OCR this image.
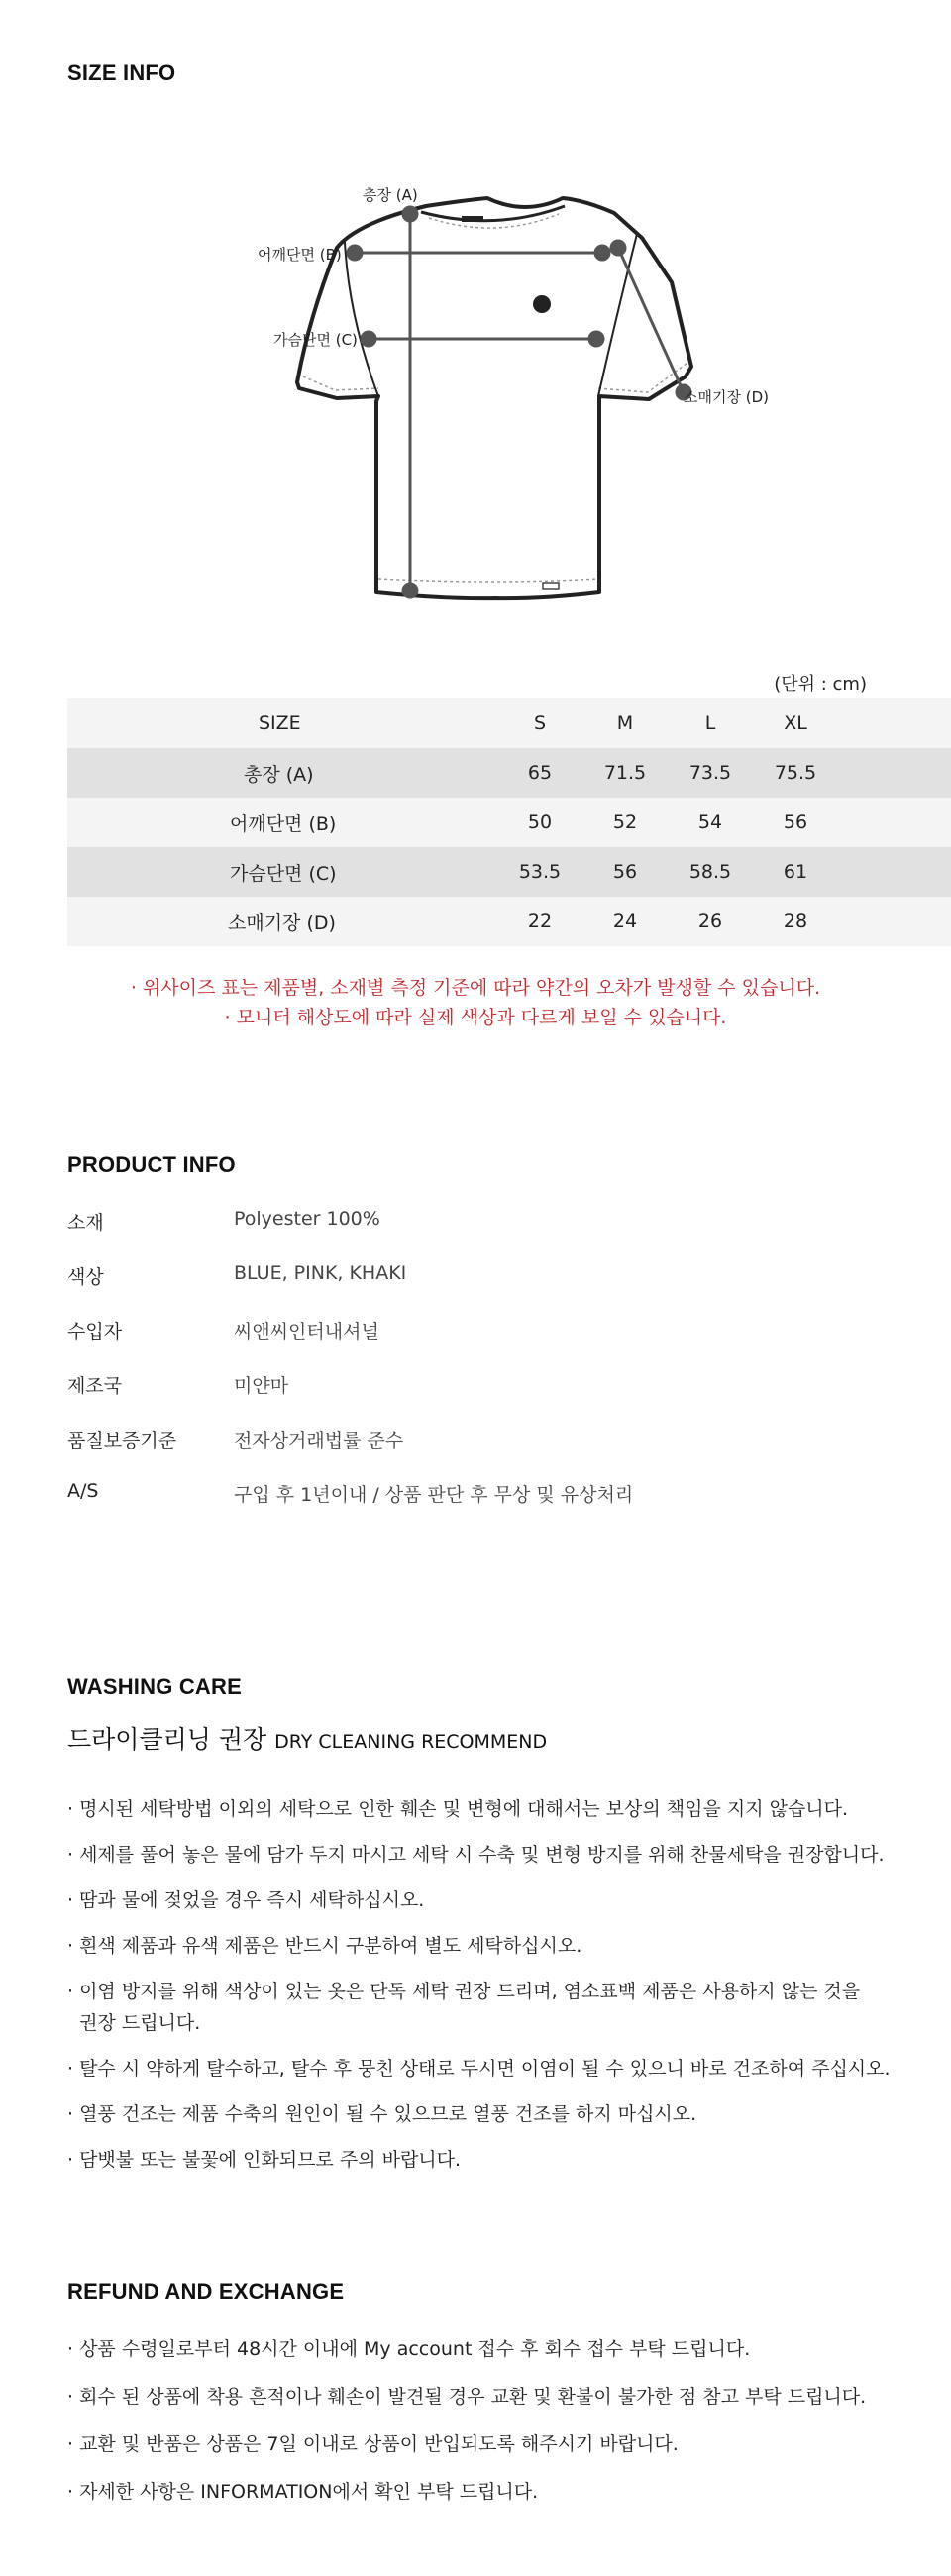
SIZE INFO
총장 (A)
어깨단면 (B)
가슴단면 (C)
소매기장 (D)
(단위 : cm)
SIZE	S	M	L	XL	
총장 (A)	65	71.5	73.5	75.5	
어깨단면 (B)	50	52	54	56	
가슴단면 (C)	53.5	56	58.5	61	
소매기장 (D)	22	24	26	28	
· 위사이즈 표는 제품별, 소재별 측정 기준에 따라 약간의 오차가 발생할 수 있습니다.
· 모니터 해상도에 따라 실제 색상과 다르게 보일 수 있습니다.
PRODUCT INFO
소재	Polyester 100%
색상	BLUE, PINK, KHAKI
수입자	씨앤씨인터내셔널
제조국	미얀마
품질보증기준	전자상거래법률 준수
A/S	구입 후 1년이내 / 상품 판단 후 무상 및 유상처리
WASHING CARE
드라이클리닝 권장 DRY CLEANING RECOMMEND
· 명시된 세탁방법 이외의 세탁으로 인한 훼손 및 변형에 대해서는 보상의 책임을 지지 않습니다.
· 세제를 풀어 놓은 물에 담가 두지 마시고 세탁 시 수축 및 변형 방지를 위해 찬물세탁을 권장합니다.
· 땀과 물에 젖었을 경우 즉시 세탁하십시오.
· 흰색 제품과 유색 제품은 반드시 구분하여 별도 세탁하십시오.
· 이염 방지를 위해 색상이 있는 옷은 단독 세탁 권장 드리며, 염소표백 제품은 사용하지 않는 것을
권장 드립니다.
· 탈수 시 약하게 탈수하고, 탈수 후 뭉친 상태로 두시면 이염이 될 수 있으니 바로 건조하여 주십시오.
· 열풍 건조는 제품 수축의 원인이 될 수 있으므로 열풍 건조를 하지 마십시오.
· 담뱃불 또는 불꽃에 인화되므로 주의 바랍니다.
REFUND AND EXCHANGE
· 상품 수령일로부터 48시간 이내에 My account 접수 후 회수 접수 부탁 드립니다.
· 회수 된 상품에 착용 흔적이나 훼손이 발견될 경우 교환 및 환불이 불가한 점 참고 부탁 드립니다.
· 교환 및 반품은 상품은 7일 이내로 상품이 반입되도록 해주시기 바랍니다.
· 자세한 사항은 INFORMATION에서 확인 부탁 드립니다.
